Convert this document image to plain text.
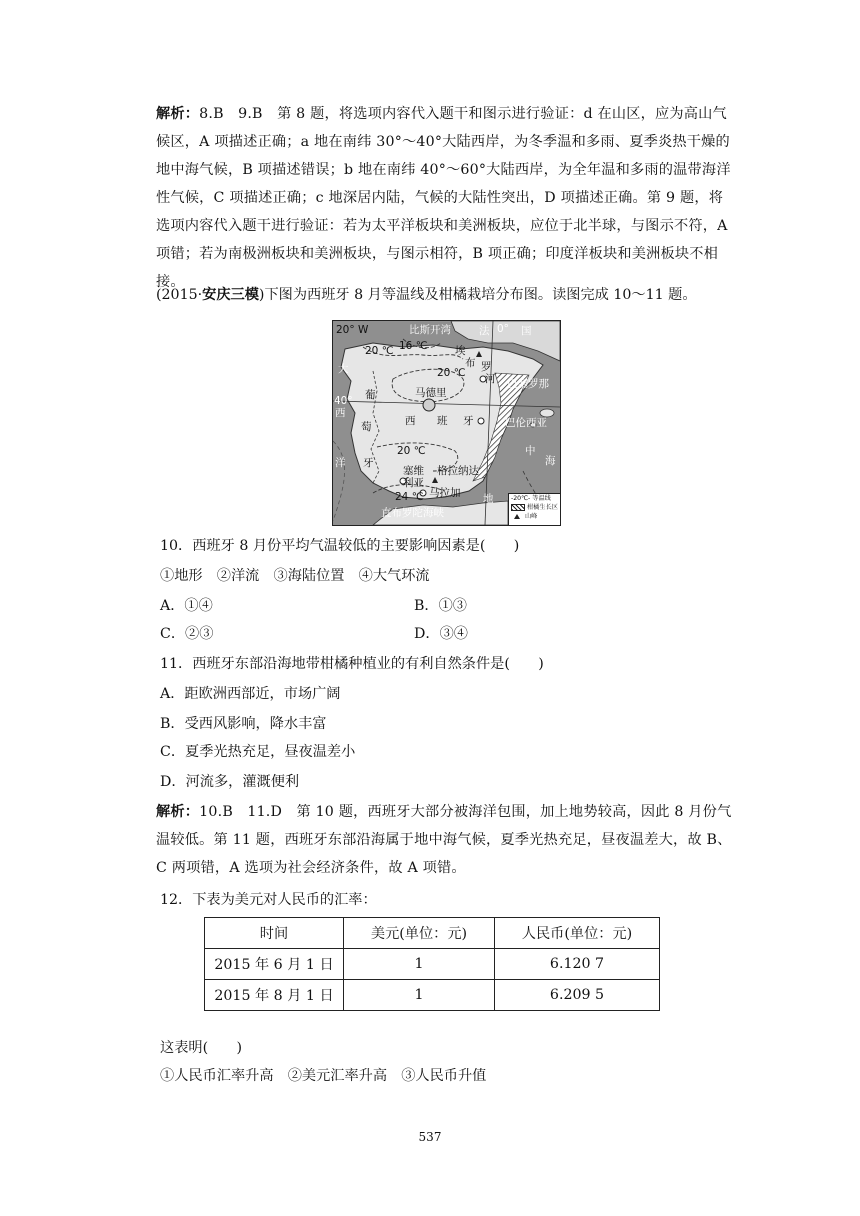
解析：8.B　9.B　第 8 题，将选项内容代入题干和图示进行验证：d 在山区，应为高山气候区，A 项描述正确；a 地在南纬 30°～40°大陆西岸，为冬季温和多雨、夏季炎热干燥的地中海气候，B 项描述错误；b 地在南纬 40°～60°大陆西岸，为全年温和多雨的温带海洋性气候，C 项描述正确；c 地深居内陆，气候的大陆性突出，D 项描述正确。第 9 题，将选项内容代入题干进行验证：若为太平洋板块和美洲板块，应位于北半球，与图示不符，A 项错；若为南极洲板块和美洲板块，与图示相符，B 项正确；印度洋板块和美洲板块不相接。
(2015·安庆三模)下图为西班牙 8 月等温线及柑橘栽培分布图。读图完成 10～11 题。
20° W	比斯开湾	法 0° 国
20 ℃ 16 ℃	埃
布 罗
河
大	20 ℃
巴塞罗那
40°
西
葡	马德里
萄	西 班 牙	巴伦西亚
洋 牙
20 ℃
海
中
塞维
利亚
格拉纳达
24 ℃ 马拉加 地
直布罗陀海峡
-20℃- 等温线
柑橘生长区
山峰
10．西班牙 8 月份平均气温较低的主要影响因素是(　　)
①地形　②洋流　③海陆位置　④大气环流
A．①④	B．①③
C．②③	D．③④
11．西班牙东部沿海地带柑橘种植业的有利自然条件是(　　)
A．距欧洲西部近，市场广阔
B．受西风影响，降水丰富
C．夏季光热充足，昼夜温差小
D．河流多，灌溉便利
解析：10.B　11.D　第 10 题，西班牙大部分被海洋包围，加上地势较高，因此 8 月份气温较低。第 11 题，西班牙东部沿海属于地中海气候，夏季光热充足，昼夜温差大，故 B、C 两项错，A 选项为社会经济条件，故 A 项错。
12．下表为美元对人民币的汇率：
时间	美元(单位：元)	人民币(单位：元)
2015 年 6 月 1 日	1	6.120 7
2015 年 8 月 1 日	1	6.209 5
这表明(　　)
①人民币汇率升高　②美元汇率升高　③人民币升值
537
